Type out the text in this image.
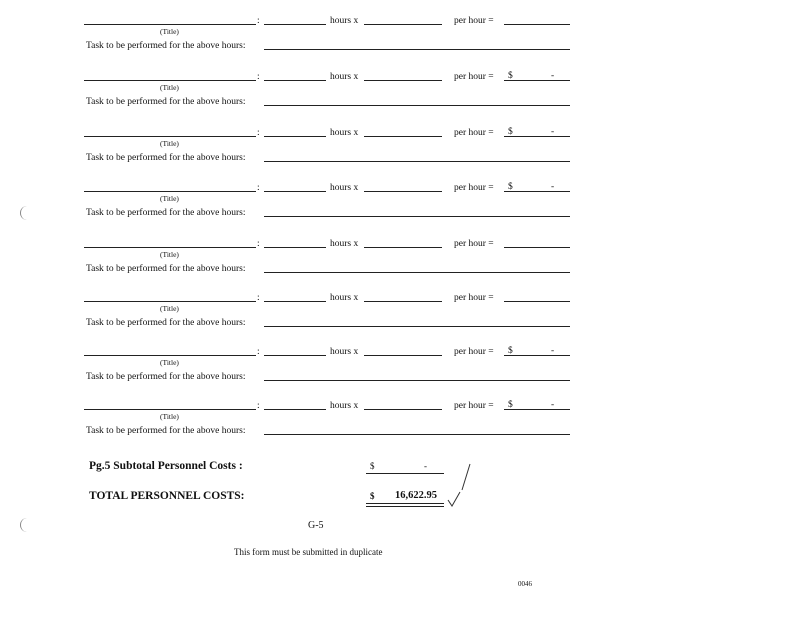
:	hours x	per hour =
(Title)
Task to be performed for the above hours:
:	hours x	per hour = $	-
(Title)
Task to be performed for the above hours:
:	hours x	per hour = $	-
(Title)
Task to be performed for the above hours:
:	hours x	per hour = $	-
(Title)
Task to be performed for the above hours:
:	hours x	per hour =
(Title)
Task to be performed for the above hours:
:	hours x	per hour =
(Title)
Task to be performed for the above hours:
:	hours x	per hour = $	-
(Title)
Task to be performed for the above hours:
:	hours x	per hour = $	-
(Title)
Task to be performed for the above hours:
Pg.5 Subtotal Personnel Costs :	$	-
TOTAL PERSONNEL COSTS:	$ 16,622.95
G-5
This form must be submitted in duplicate
0046
